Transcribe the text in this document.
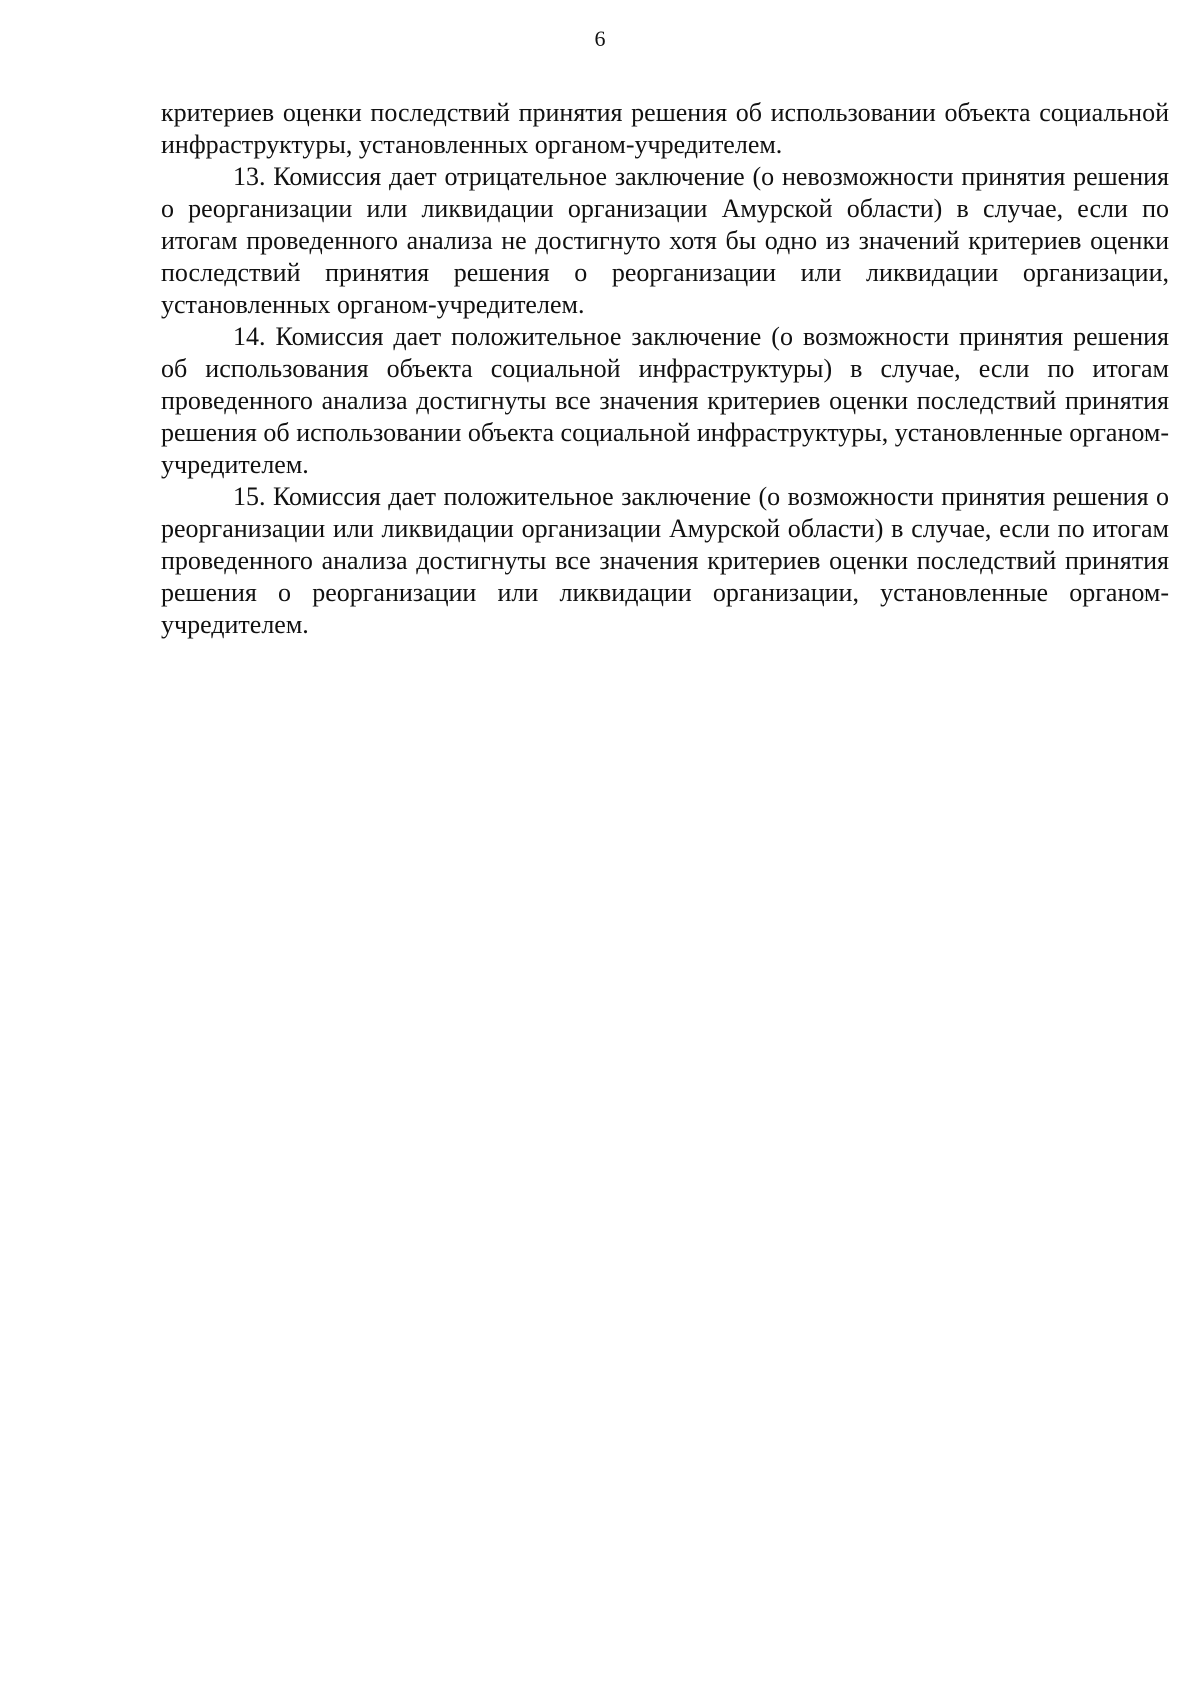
6

критериев оценки последствий принятия решения об использовании объекта социальной инфраструктуры, установленных органом-учредителем.

13. Комиссия дает отрицательное заключение (о невозможности принятия решения о реорганизации или ликвидации организации Амурской области) в случае, если по итогам проведенного анализа не достигнуто хотя бы одно из значений критериев оценки последствий принятия решения о реорганизации или ликвидации организации, установленных органом-учредителем.

14. Комиссия дает положительное заключение (о возможности принятия решения об использования объекта социальной инфраструктуры) в случае, если по итогам проведенного анализа достигнуты все значения критериев оценки последствий принятия решения об использовании объекта социальной инфраструктуры, установленные органом-учредителем.

15. Комиссия дает положительное заключение (о возможности принятия решения о реорганизации или ликвидации организации Амурской области) в случае, если по итогам проведенного анализа достигнуты все значения критериев оценки последствий принятия решения о реорганизации или ликвидации организации, установленные органом-учредителем.
